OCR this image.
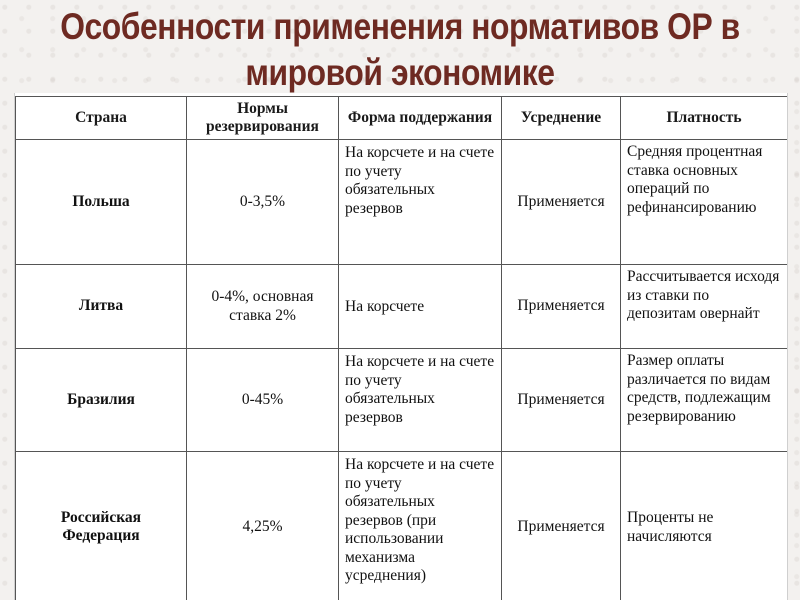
Особенности применения нормативов ОР в
мировой экономике
Страна	Нормы резервирования	Форма поддержания	Усреднение	Платность
Польша	0-3,5%	На корсчете и на счете по учету обязательных резервов	Применяется	Средняя процентная ставка основных операций по рефинансированию
Литва	0-4%, основная ставка 2%	На корсчете	Применяется	Рассчитывается исходя из ставки по депозитам овернайт
Бразилия	0-45%	На корсчете и на счете по учету обязательных резервов	Применяется	Размер оплаты различается по видам средств, подлежащим резервированию
Российская Федерация	4,25%	На корсчете и на счете по учету обязательных резервов (при использовании механизма усреднения)	Применяется	Проценты не начисляются
